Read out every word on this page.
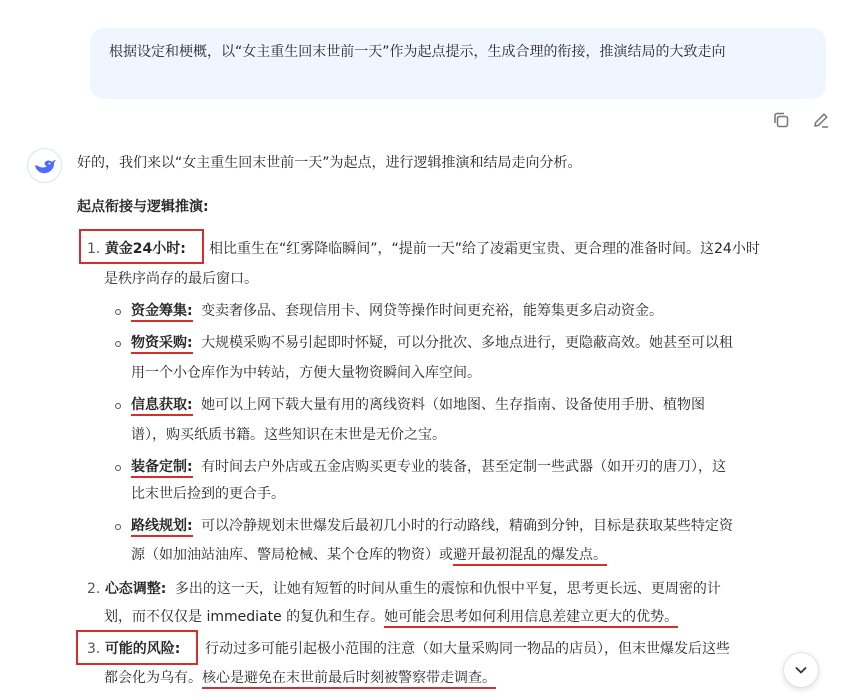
根据设定和梗概，以“女主重生回末世前一天”作为起点提示，生成合理的衔接，推演结局的大致走向
好的，我们来以“女主重生回末世前一天”为起点，进行逻辑推演和结局走向分析。
起点衔接与逻辑推演:
1. 黄金24小时: 相比重生在“红雾降临瞬间”，“提前一天”给了凌霜更宝贵、更合理的准备时间。这24小时
是秩序尚存的最后窗口。
资金筹集: 变卖奢侈品、套现信用卡、网贷等操作时间更充裕，能筹集更多启动资金。
物资采购: 大规模采购不易引起即时怀疑，可以分批次、多地点进行，更隐蔽高效。她甚至可以租
用一个小仓库作为中转站，方便大量物资瞬间入库空间。
信息获取: 她可以上网下载大量有用的离线资料（如地图、生存指南、设备使用手册、植物图
谱），购买纸质书籍。这些知识在末世是无价之宝。
装备定制: 有时间去户外店或五金店购买更专业的装备，甚至定制一些武器（如开刃的唐刀），这
比末世后捡到的更合手。
路线规划: 可以冷静规划末世爆发后最初几小时的行动路线，精确到分钟，目标是获取某些特定资
源（如加油站油库、警局枪械、某个仓库的物资）或避开最初混乱的爆发点。
2. 心态调整: 多出的这一天，让她有短暂的时间从重生的震惊和仇恨中平复，思考更长远、更周密的计
划，而不仅仅是 immediate 的复仇和生存。她可能会思考如何利用信息差建立更大的优势。
3. 可能的风险: 行动过多可能引起极小范围的注意（如大量采购同一物品的店员），但末世爆发后这些
都会化为乌有。核心是避免在末世前最后时刻被警察带走调查。
